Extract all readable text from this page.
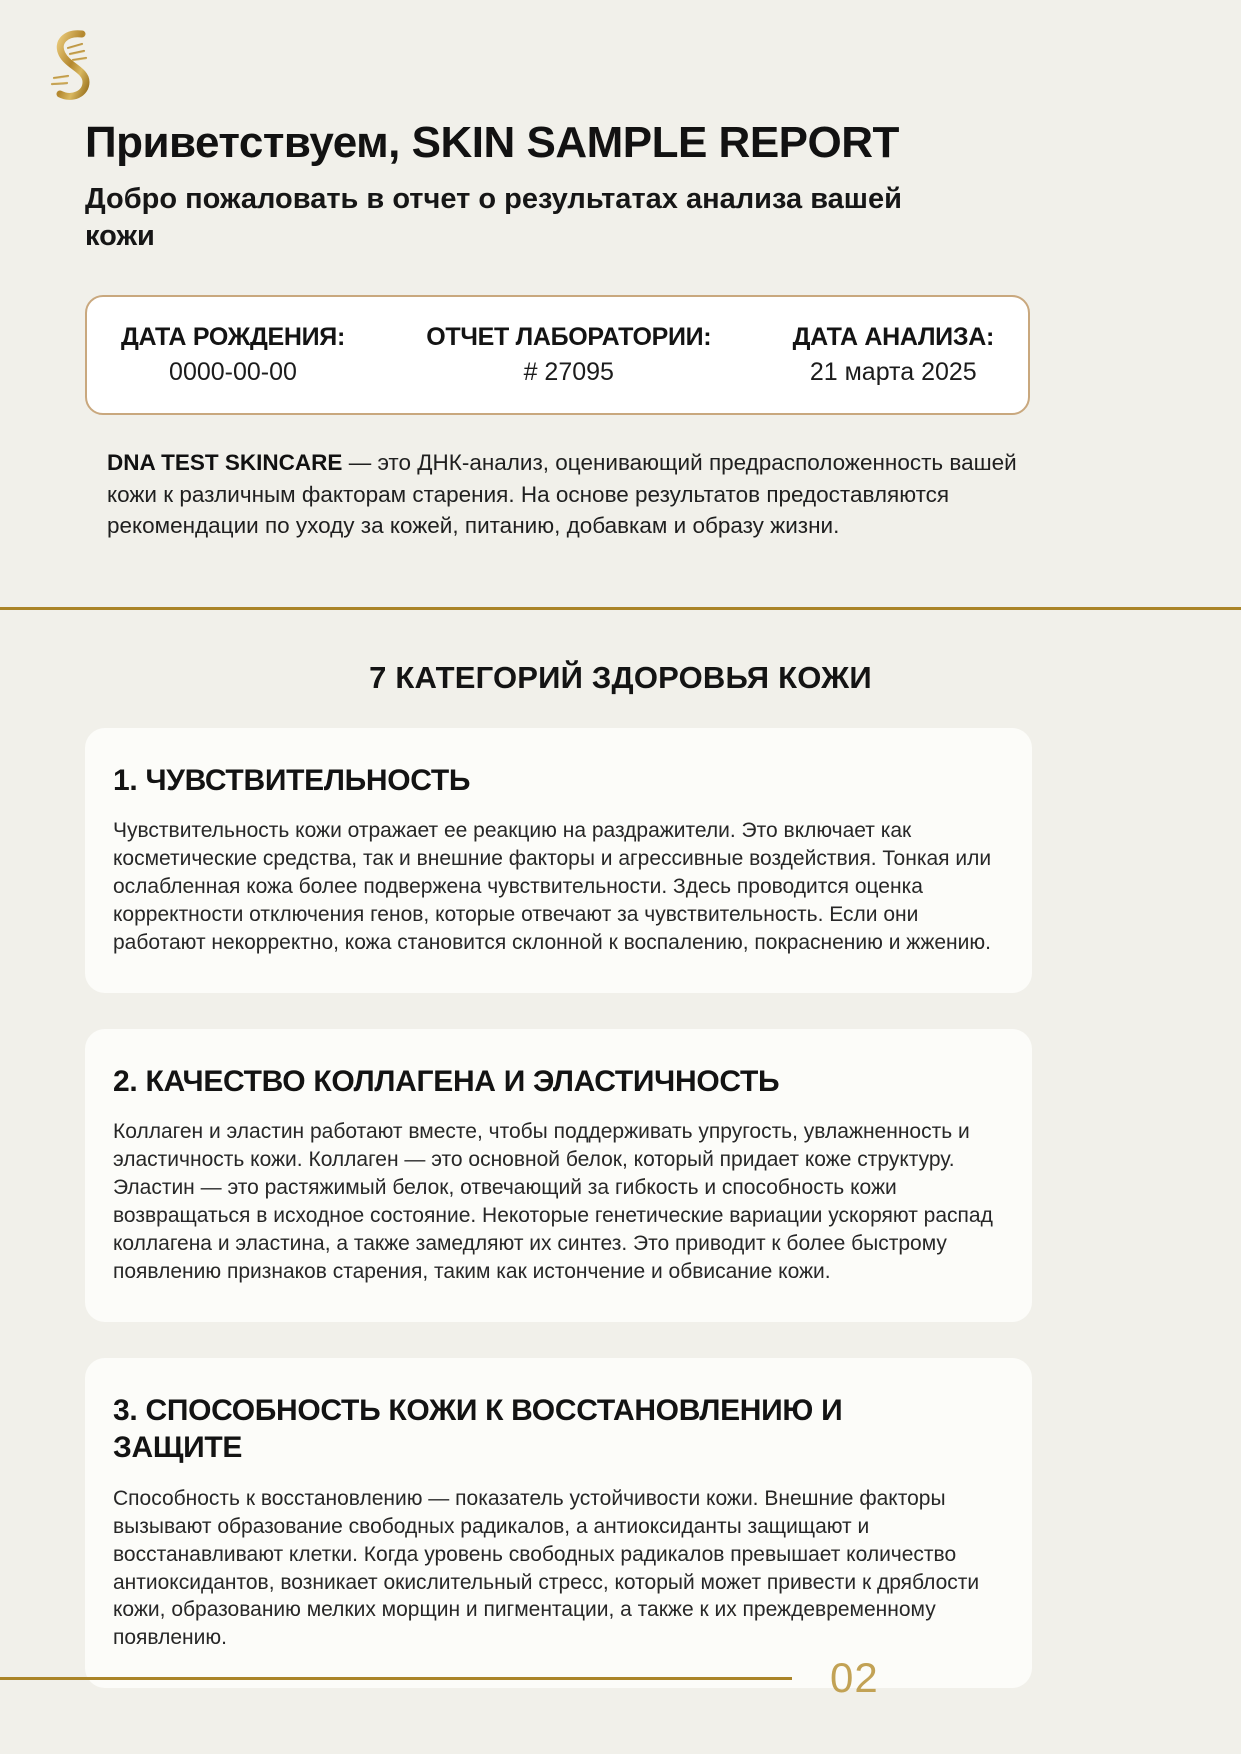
Приветствуем, SKIN SAMPLE REPORT
Добро пожаловать в отчет о результатах анализа вашей кожи
ДАТА РОЖДЕНИЯ:
0000-00-00
ОТЧЕТ ЛАБОРАТОРИИ:
# 27095
ДАТА АНАЛИЗА:
21 марта 2025

DNA TEST SKINCARE — это ДНК-анализ, оценивающий предрасположенность вашей кожи к различным факторам старения. На основе результатов предоставляются рекомендации по уходу за кожей, питанию, добавкам и образу жизни.

7 КАТЕГОРИЙ ЗДОРОВЬЯ КОЖИ
1. ЧУВСТВИТЕЛЬНОСТЬ
Чувствительность кожи отражает ее реакцию на раздражители. Это включает как косметические средства, так и внешние факторы и агрессивные воздействия. Тонкая или ослабленная кожа более подвержена чувствительности. Здесь проводится оценка корректности отключения генов, которые отвечают за чувствительность. Если они работают некорректно, кожа становится склонной к воспалению, покраснению и жжению.
2. КАЧЕСТВО КОЛЛАГЕНА И ЭЛАСТИЧНОСТЬ
Коллаген и эластин работают вместе, чтобы поддерживать упругость, увлажненность и эластичность кожи. Коллаген — это основной белок, который придает коже структуру. Эластин — это растяжимый белок, отвечающий за гибкость и способность кожи возвращаться в исходное состояние. Некоторые генетические вариации ускоряют распад коллагена и эластина, а также замедляют их синтез. Это приводит к более быстрому появлению признаков старения, таким как истончение и обвисание кожи.
3. СПОСОБНОСТЬ КОЖИ К ВОССТАНОВЛЕНИЮ И ЗАЩИТЕ
Способность к восстановлению — показатель устойчивости кожи. Внешние факторы вызывают образование свободных радикалов, а антиоксиданты защищают и восстанавливают клетки. Когда уровень свободных радикалов превышает количество антиоксидантов, возникает окислительный стресс, который может привести к дряблости кожи, образованию мелких морщин и пигментации, а также к их преждевременному появлению.
02
